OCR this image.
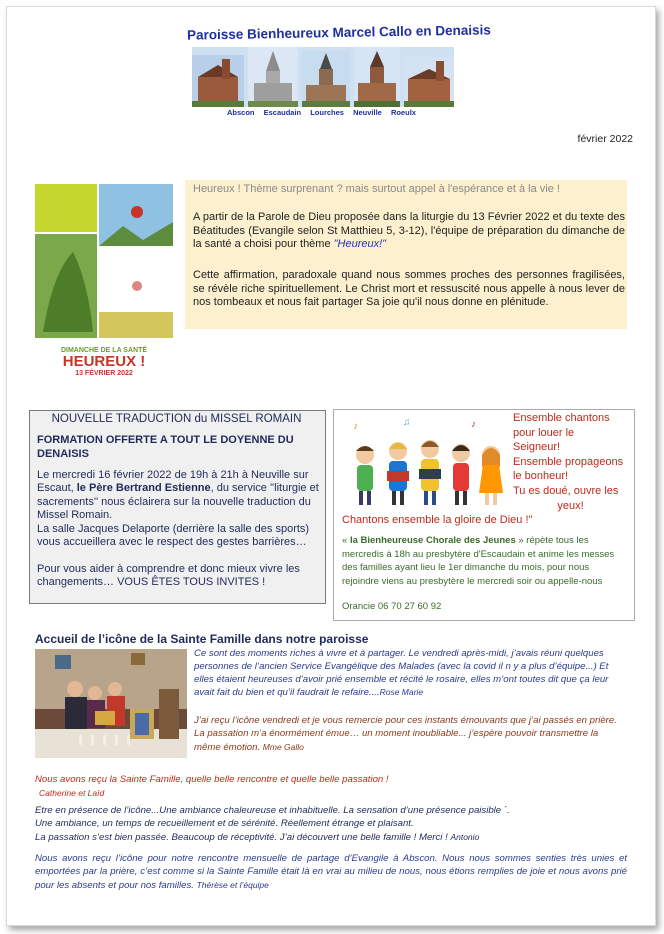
Paroisse Bienheureux Marcel Callo en Denaisis
Abscon Escaudain Lourches Neuville Roeulx
février 2022
DIMANCHE DE LA SANTÉ
HEUREUX !
13 FÉVRIER 2022
Heureux ! Thème surprenant ? mais surtout appel à l'espérance et à la vie !
A partir de la Parole de Dieu proposée dans la liturgie du 13 Février 2022 et du texte des Béatitudes (Evangile selon St Matthieu 5, 3-12), l'équipe de préparation du dimanche de la santé a choisi pour thème "Heureux!"
Cette affirmation, paradoxale quand nous sommes proches des personnes fragilisées, se révèle riche spirituellement. Le Christ mort et ressuscité nous appelle à nous lever de nos tombeaux et nous fait partager Sa joie qu'il nous donne en plénitude.
NOUVELLE TRADUCTION du MISSEL ROMAIN
FORMATION OFFERTE A TOUT LE DOYENNE DU DENAISIS
Le mercredi 16 février 2022 de 19h à 21h à Neuville sur Escaut, le Père Bertrand Estienne, du service ''liturgie et sacrements'' nous éclairera sur la nouvelle traduction du Missel Romain.
La salle Jacques Delaporte (derrière la salle des sports) vous accueillera avec le respect des gestes barrières…
Pour vous aider à comprendre et donc mieux vivre les changements… VOUS ÊTES TOUS INVITES !
♪	♫	♪
Ensemble chantons
pour louer le
Seigneur!
Ensemble propageons
le bonheur!
Tu es doué, ouvre les
yeux!
Chantons ensemble la gloire de Dieu !"
« la Bienheureuse Chorale des Jeunes » répète tous les mercredis à 18h au presbytère d'Escaudain et anime les messes des familles ayant lieu le 1er dimanche du mois, pour nous rejoindre viens au presbytère le mercredi soir ou appelle-nous
Orancie 06 70 27 60 92
Accueil de l’icône de la Sainte Famille dans notre paroisse
Ce sont des moments riches à vivre et à partager. Le vendredi après-midi, j’avais réuni quelques personnes de l’ancien Service Evangélique des Malades (avec la covid il n y a plus d’équipe...) Et elles étaient heureuses d’avoir prié ensemble et récité le rosaire, elles m’ont toutes dit que ça leur avait fait du bien et qu’il faudrait le refaire....Rose Marie
J’ai reçu l’icône vendredi et je vous remercie pour ces instants émouvants que j’ai passés en prière. La passation m’a énormément émue… un moment inoubliable... j’espère pouvoir transmettre la même émotion. Mme Gallo
Nous avons reçu la Sainte Famille, quelle belle rencontre et quelle belle passation !
Catherine et Laïd
Etre en présence de l’icône...Une ambiance chaleureuse et inhabituelle. La sensation d’une présence paisible ´.
Une ambiance, un temps de recueillement et de sérénité. Réellement étrange et plaisant.
La passation s’est bien passée. Beaucoup de réceptivité. J’ai découvert une belle famille ! Merci ! Antonio
Nous avons reçu l’icône pour notre rencontre mensuelle de partage d’Evangile à Abscon. Nous nous sommes senties très unies et emportées par la prière, c’est comme si la Sainte Famille était là en vrai au milieu de nous, nous étions remplies de joie et nous avons prié pour les absents et pour nos familles. Thérèse et l’équipe
